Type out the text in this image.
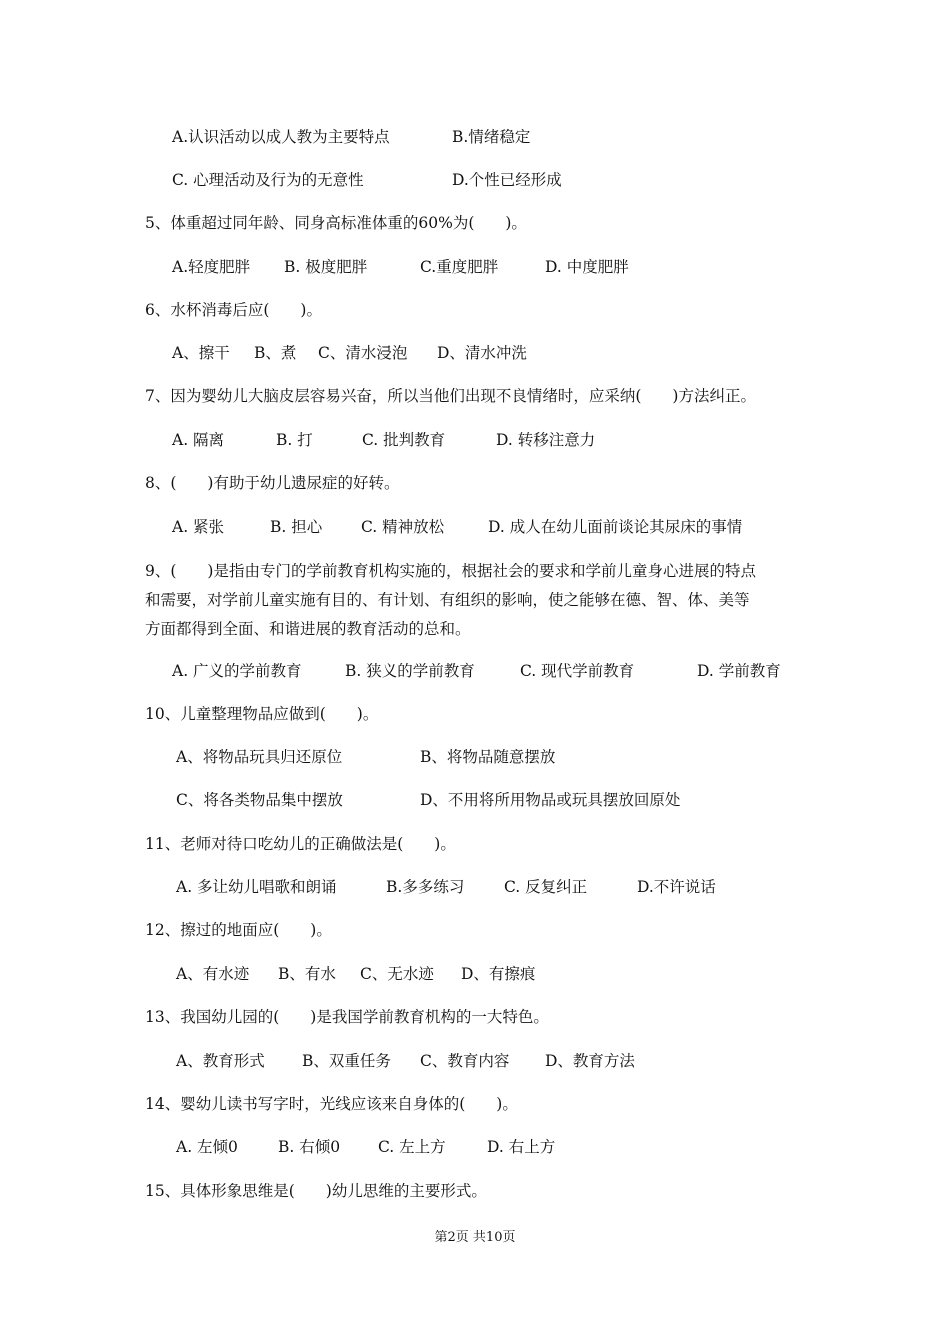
A.认识活动以成人教为主要特点	B.情绪稳定
C. 心理活动及行为的无意性	D.个性已经形成
5、体重超过同年龄、同身高标准体重的60%为(　　)。
A.轻度肥胖 B. 极度肥胖	C.重度肥胖	D. 中度肥胖
6、水杯消毒后应(　　)。
A、擦干 B、煮 C、清水浸泡 D、清水冲洗
7、因为婴幼儿大脑皮层容易兴奋，所以当他们出现不良情绪时，应采纳(　　)方法纠正。
A. 隔离	B. 打	C. 批判教育	D. 转移注意力
8、(　　)有助于幼儿遗尿症的好转。
A. 紧张	B. 担心	C. 精神放松	D. 成人在幼儿面前谈论其尿床的事情
9、(　　)是指由专门的学前教育机构实施的，根据社会的要求和学前儿童身心进展的特点
和需要，对学前儿童实施有目的、有计划、有组织的影响，使之能够在德、智、体、美等
方面都得到全面、和谐进展的教育活动的总和。
A. 广义的学前教育	B. 狭义的学前教育	C. 现代学前教育	D. 学前教育
10、儿童整理物品应做到(　　)。
A、将物品玩具归还原位	B、将物品随意摆放
C、将各类物品集中摆放	D、不用将所用物品或玩具摆放回原处
11、老师对待口吃幼儿的正确做法是(　　)。
A. 多让幼儿唱歌和朗诵	B.多多练习	C. 反复纠正	D.不许说话
12、擦过的地面应(　　)。
A、有水迹 B、有水 C、无水迹 D、有擦痕
13、我国幼儿园的(　　)是我国学前教育机构的一大特色。
A、教育形式 B、双重任务 C、教育内容 D、教育方法
14、婴幼儿读书写字时，光线应该来自身体的(　　)。
A. 左倾0	B. 右倾0 C. 左上方	D. 右上方
15、具体形象思维是(　　)幼儿思维的主要形式。
第2页 共10页
